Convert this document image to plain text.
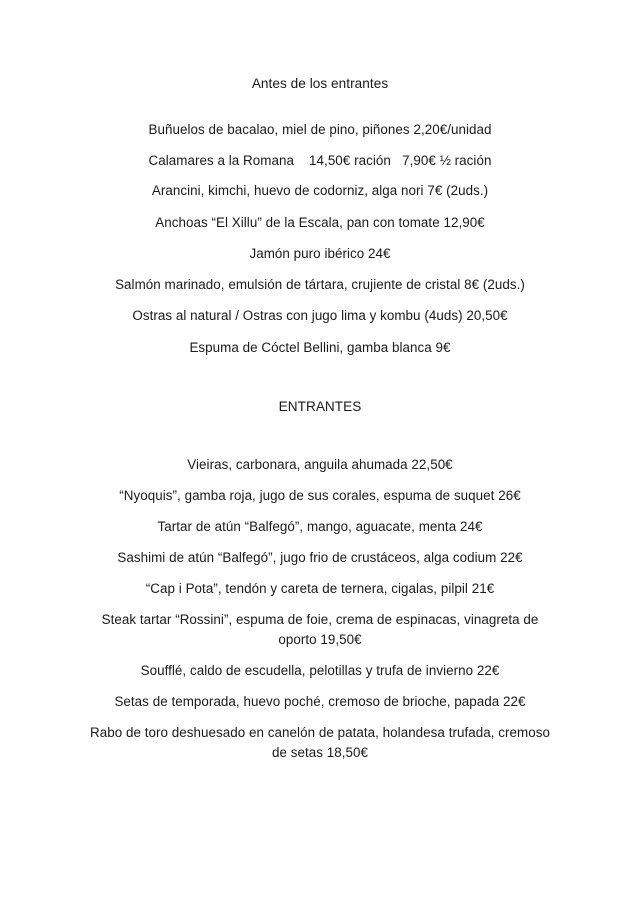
Antes de los entrantes
Buñuelos de bacalao, miel de pino, piñones 2,20€/unidad
Calamares a la Romana    14,50€ ración   7,90€ ½ ración
Arancini, kimchi, huevo de codorniz, alga nori 7€ (2uds.)
Anchoas “El Xillu” de la Escala, pan con tomate 12,90€
Jamón puro ibérico 24€
Salmón marinado, emulsión de tártara, crujiente de cristal 8€ (2uds.)
Ostras al natural / Ostras con jugo lima y kombu (4uds) 20,50€
Espuma de Cóctel Bellini, gamba blanca 9€
ENTRANTES
Vieiras, carbonara, anguila ahumada 22,50€
“Nyoquis”, gamba roja, jugo de sus corales, espuma de suquet 26€
Tartar de atún “Balfegó”, mango, aguacate, menta 24€
Sashimi de atún “Balfegó”, jugo frio de crustáceos, alga codium 22€
“Cap i Pota”, tendón y careta de ternera, cigalas, pilpil 21€
Steak tartar “Rossini”, espuma de foie, crema de espinacas, vinagreta de oporto 19,50€
Soufflé, caldo de escudella, pelotillas y trufa de invierno 22€
Setas de temporada, huevo poché, cremoso de brioche, papada 22€
Rabo de toro deshuesado en canelón de patata, holandesa trufada, cremoso de setas 18,50€
